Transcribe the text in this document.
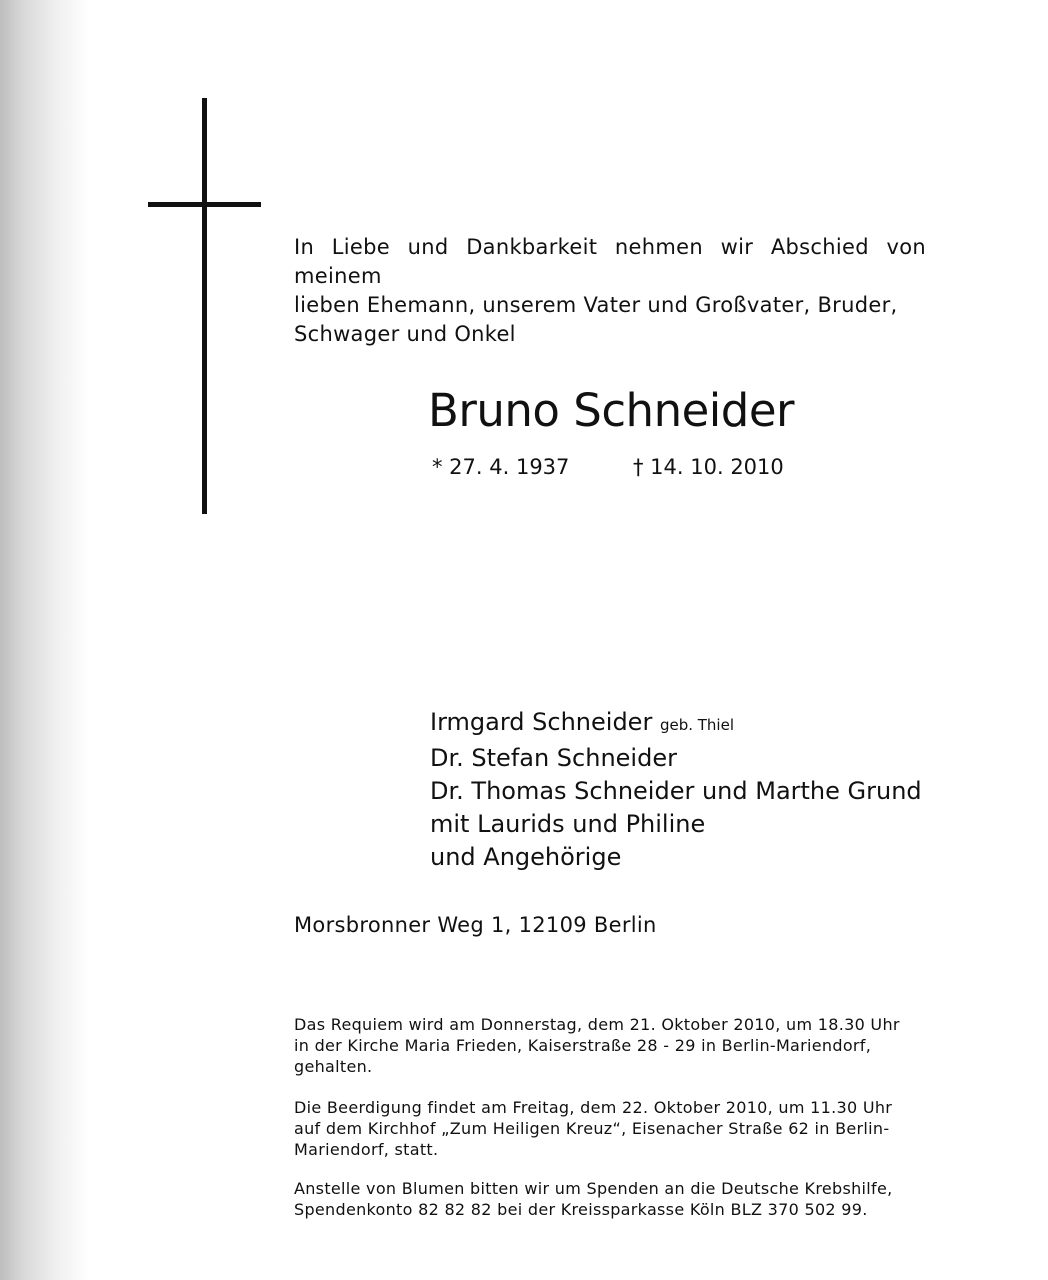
In Liebe und Dankbarkeit nehmen wir Abschied von meinem
lieben Ehemann, unserem Vater und Großvater, Bruder,
Schwager und Onkel

Bruno Schneider
* 27. 4. 1937	† 14. 10. 2010
Irmgard Schneider geb. Thiel
Dr. Stefan Schneider
Dr. Thomas Schneider und Marthe Grund
mit Laurids und Philine
und Angehörige
Morsbronner Weg 1, 12109 Berlin

Das Requiem wird am Donnerstag, dem 21. Oktober 2010, um 18.30 Uhr
in der Kirche Maria Frieden, Kaiserstraße 28 - 29 in Berlin-Mariendorf,
gehalten.

Die Beerdigung findet am Freitag, dem 22. Oktober 2010, um 11.30 Uhr
auf dem Kirchhof „Zum Heiligen Kreuz“, Eisenacher Straße 62 in Berlin-
Mariendorf, statt.

Anstelle von Blumen bitten wir um Spenden an die Deutsche Krebshilfe,
Spendenkonto 82 82 82 bei der Kreissparkasse Köln BLZ 370 502 99.
